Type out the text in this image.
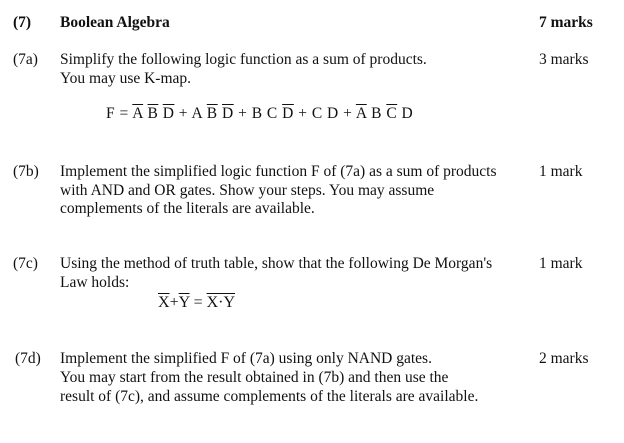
(7) Boolean Algebra	7 marks
(7a) Simplify the following logic function as a sum of products.
You may use K-map.
3 marks
$F = \overline{A}$ $\overline{B}$ $\overline{D} + A$ $\overline{B}$ $\overline{D} + B$ C $\overline{D} + C$ $D + \overline{A}$ B $\overline{C}$ D
(7b) Implement the simplified logic function F of (7a) as a sum of products
with AND and OR gates. Show your steps. You may assume
complements of the literals are available.
1 mark
(7c) Using the method of truth table, show that the following De Morgan's
Law holds:
1 mark
$\overline{X}+\overline{Y} = X\cdot Y$
(7d) Implement the simplified F of (7a) using only NAND gates.
You may start from the result obtained in (7b) and then use the
result of (7c), and assume complements of the literals are available.
2 marks
